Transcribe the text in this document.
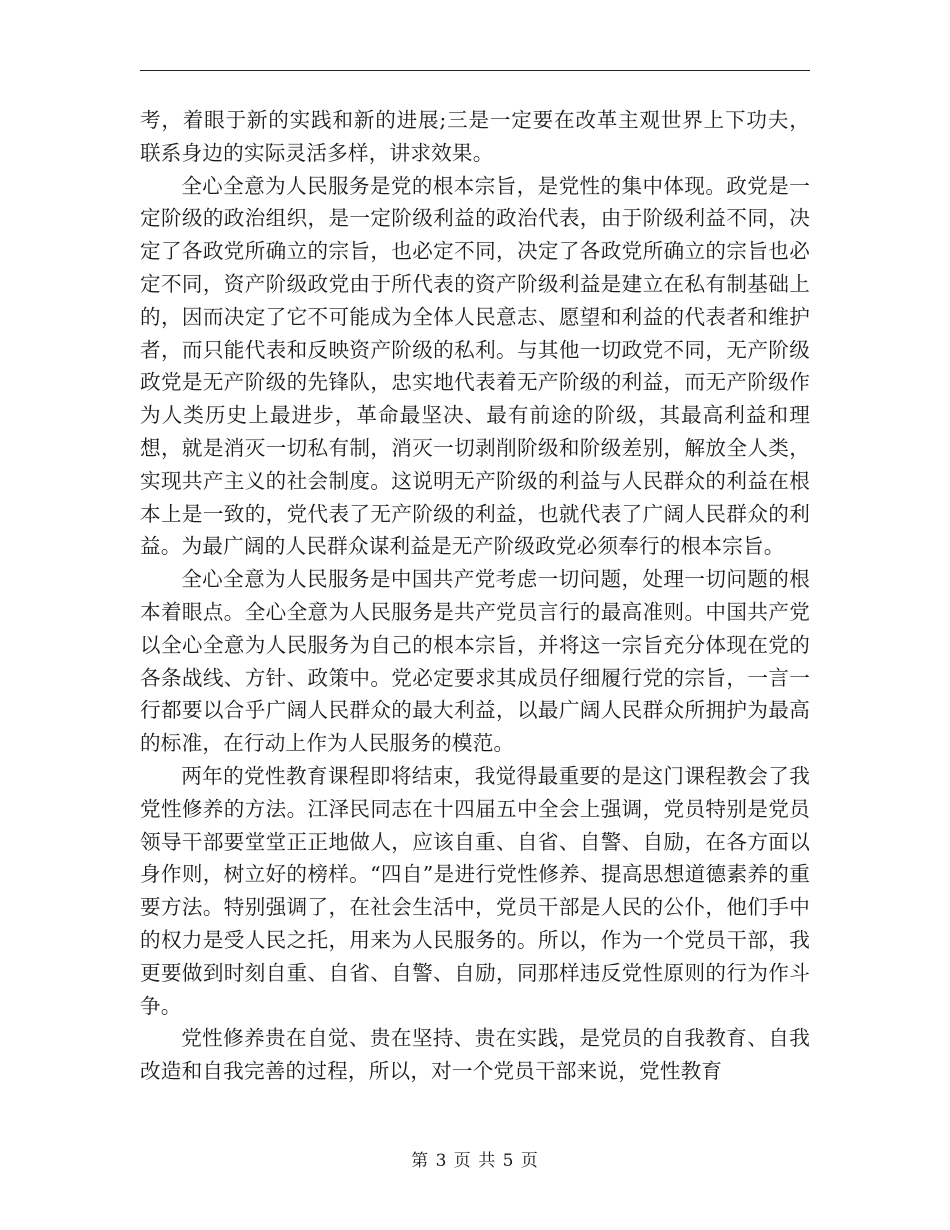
考，着眼于新的实践和新的进展;三是一定要在改革主观世界上下功夫，联系身边的实际灵活多样，讲求效果。

全心全意为人民服务是党的根本宗旨，是党性的集中体现。政党是一定阶级的政治组织，是一定阶级利益的政治代表，由于阶级利益不同，决定了各政党所确立的宗旨，也必定不同，决定了各政党所确立的宗旨也必定不同，资产阶级政党由于所代表的资产阶级利益是建立在私有制基础上的，因而决定了它不可能成为全体人民意志、愿望和利益的代表者和维护者，而只能代表和反映资产阶级的私利。与其他一切政党不同，无产阶级政党是无产阶级的先锋队，忠实地代表着无产阶级的利益，而无产阶级作为人类历史上最进步，革命最坚决、最有前途的阶级，其最高利益和理想，就是消灭一切私有制，消灭一切剥削阶级和阶级差别，解放全人类，实现共产主义的社会制度。这说明无产阶级的利益与人民群众的利益在根本上是一致的，党代表了无产阶级的利益，也就代表了广阔人民群众的利益。为最广阔的人民群众谋利益是无产阶级政党必须奉行的根本宗旨。

全心全意为人民服务是中国共产党考虑一切问题，处理一切问题的根本着眼点。全心全意为人民服务是共产党员言行的最高准则。中国共产党以全心全意为人民服务为自己的根本宗旨，并将这一宗旨充分体现在党的各条战线、方针、政策中。党必定要求其成员仔细履行党的宗旨，一言一行都要以合乎广阔人民群众的最大利益，以最广阔人民群众所拥护为最高的标准，在行动上作为人民服务的模范。

两年的党性教育课程即将结束，我觉得最重要的是这门课程教会了我党性修养的方法。江泽民同志在十四届五中全会上强调，党员特别是党员领导干部要堂堂正正地做人，应该自重、自省、自警、自励，在各方面以身作则，树立好的榜样。“四自”是进行党性修养、提高思想道德素养的重要方法。特别强调了，在社会生活中，党员干部是人民的公仆，他们手中的权力是受人民之托，用来为人民服务的。所以，作为一个党员干部，我更要做到时刻自重、自省、自警、自励，同那样违反党性原则的行为作斗争。

党性修养贵在自觉、贵在坚持、贵在实践，是党员的自我教育、自我改造和自我完善的过程，所以，对一个党员干部来说，党性教育

第 3 页 共 5 页
